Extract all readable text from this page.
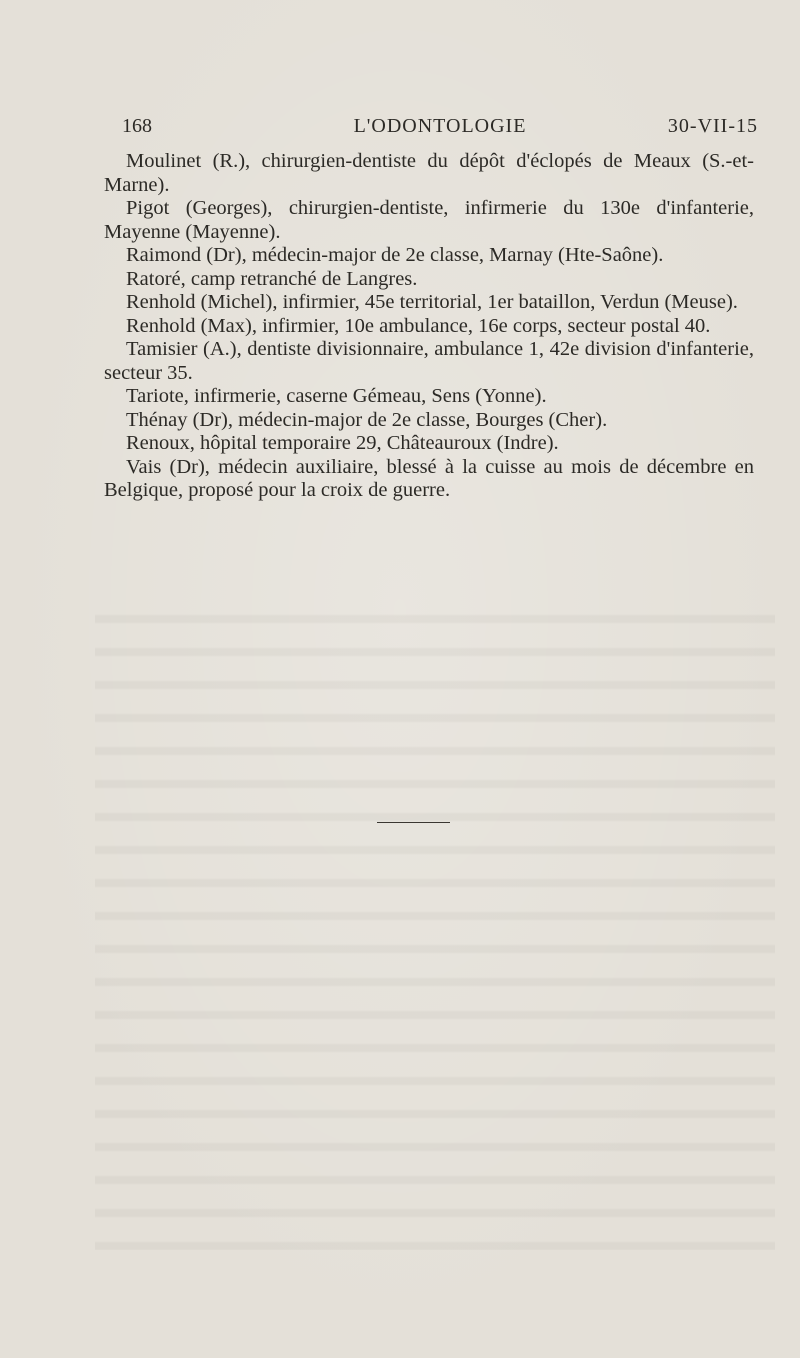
168	L'ODONTOLOGIE	30-VII-15

Moulinet (R.), chirurgien-dentiste du dépôt d'éclopés de Meaux (S.-et-Marne).

Pigot (Georges), chirurgien-dentiste, infirmerie du 130e d'infanterie, Mayenne (Mayenne).

Raimond (Dr), médecin-major de 2e classe, Marnay (Hte-Saône).

Ratoré, camp retranché de Langres.

Renhold (Michel), infirmier, 45e territorial, 1er bataillon, Verdun (Meuse).

Renhold (Max), infirmier, 10e ambulance, 16e corps, secteur postal 40.

Tamisier (A.), dentiste divisionnaire, ambulance 1, 42e division d'infanterie, secteur 35.

Tariote, infirmerie, caserne Gémeau, Sens (Yonne).

Thénay (Dr), médecin-major de 2e classe, Bourges (Cher).

Renoux, hôpital temporaire 29, Châteauroux (Indre).

Vais (Dr), médecin auxiliaire, blessé à la cuisse au mois de décembre en Belgique, proposé pour la croix de guerre.
